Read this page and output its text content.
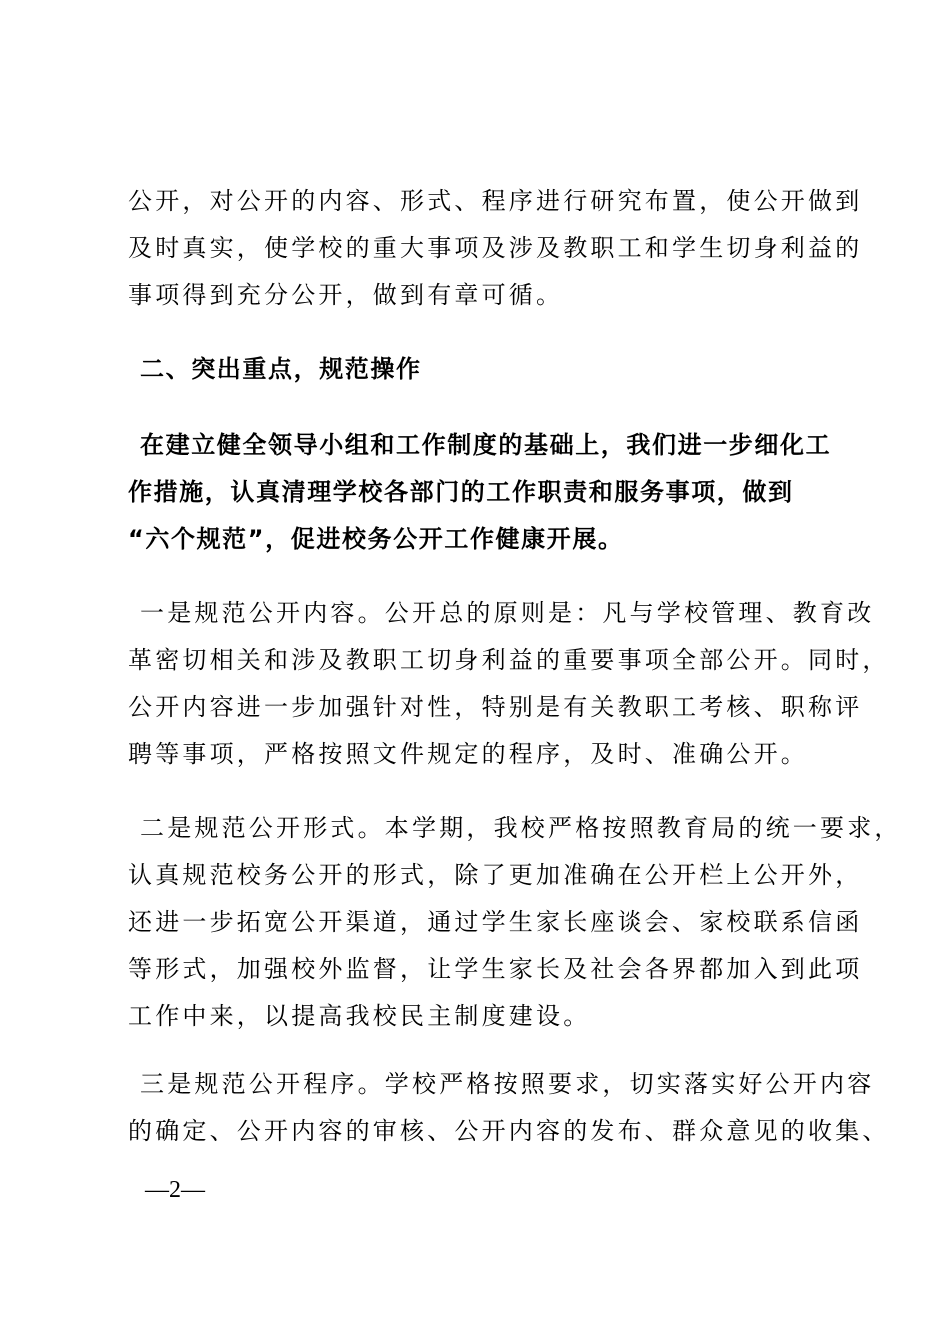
公开，对公开的内容、形式、程序进行研究布置，使公开做到
及时真实，使学校的重大事项及涉及教职工和学生切身利益的
事项得到充分公开，做到有章可循。
二、突出重点，规范操作
在建立健全领导小组和工作制度的基础上，我们进一步细化工
作措施，认真清理学校各部门的工作职责和服务事项，做到
“六个规范”，促进校务公开工作健康开展。
一是规范公开内容。公开总的原则是：凡与学校管理、教育改
革密切相关和涉及教职工切身利益的重要事项全部公开。同时，
公开内容进一步加强针对性，特别是有关教职工考核、职称评
聘等事项，严格按照文件规定的程序，及时、准确公开。
二是规范公开形式。本学期，我校严格按照教育局的统一要求，
认真规范校务公开的形式，除了更加准确在公开栏上公开外，
还进一步拓宽公开渠道，通过学生家长座谈会、家校联系信函
等形式，加强校外监督，让学生家长及社会各界都加入到此项
工作中来，以提高我校民主制度建设。
三是规范公开程序。学校严格按照要求，切实落实好公开内容
的确定、公开内容的审核、公开内容的发布、群众意见的收集、
—2—
